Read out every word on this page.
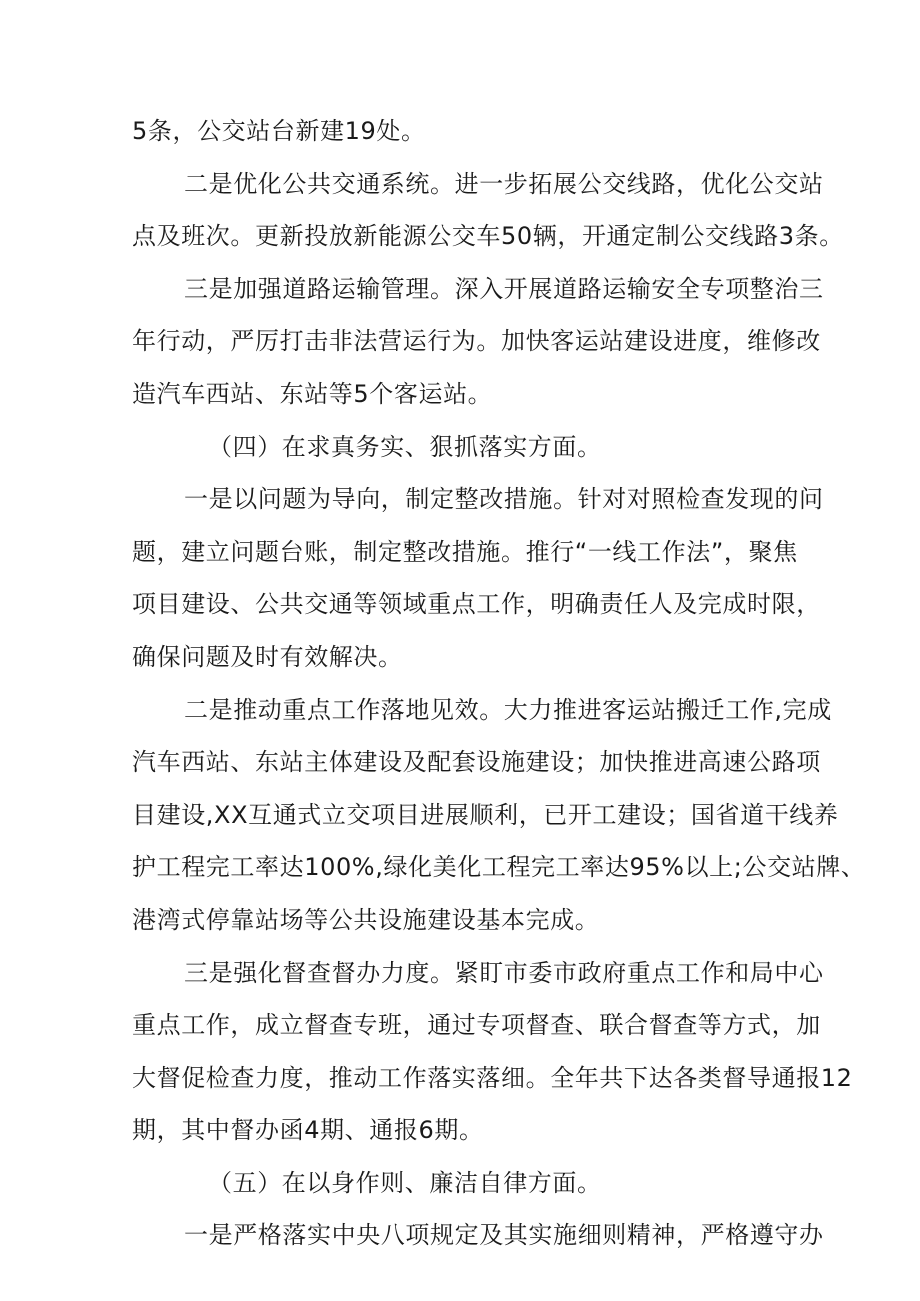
5条，公交站台新建19处。
二是优化公共交通系统。进一步拓展公交线路，优化公交站
点及班次。更新投放新能源公交车50辆，开通定制公交线路3条。
三是加强道路运输管理。深入开展道路运输安全专项整治三
年行动，严厉打击非法营运行为。加快客运站建设进度，维修改
造汽车西站、东站等5个客运站。
（四）在求真务实、狠抓落实方面。
一是以问题为导向，制定整改措施。针对对照检查发现的问
题，建立问题台账，制定整改措施。推行“一线工作法”，聚焦
项目建设、公共交通等领域重点工作，明确责任人及完成时限，
确保问题及时有效解决。
二是推动重点工作落地见效。大力推进客运站搬迁工作,完成
汽车西站、东站主体建设及配套设施建设；加快推进高速公路项
目建设,XX互通式立交项目进展顺利，已开工建设；国省道干线养
护工程完工率达100%,绿化美化工程完工率达95%以上;公交站牌、
港湾式停靠站场等公共设施建设基本完成。
三是强化督查督办力度。紧盯市委市政府重点工作和局中心
重点工作，成立督查专班，通过专项督查、联合督查等方式，加
大督促检查力度，推动工作落实落细。全年共下达各类督导通报12
期，其中督办函4期、通报6期。
（五）在以身作则、廉洁自律方面。
一是严格落实中央八项规定及其实施细则精神，严格遵守办
